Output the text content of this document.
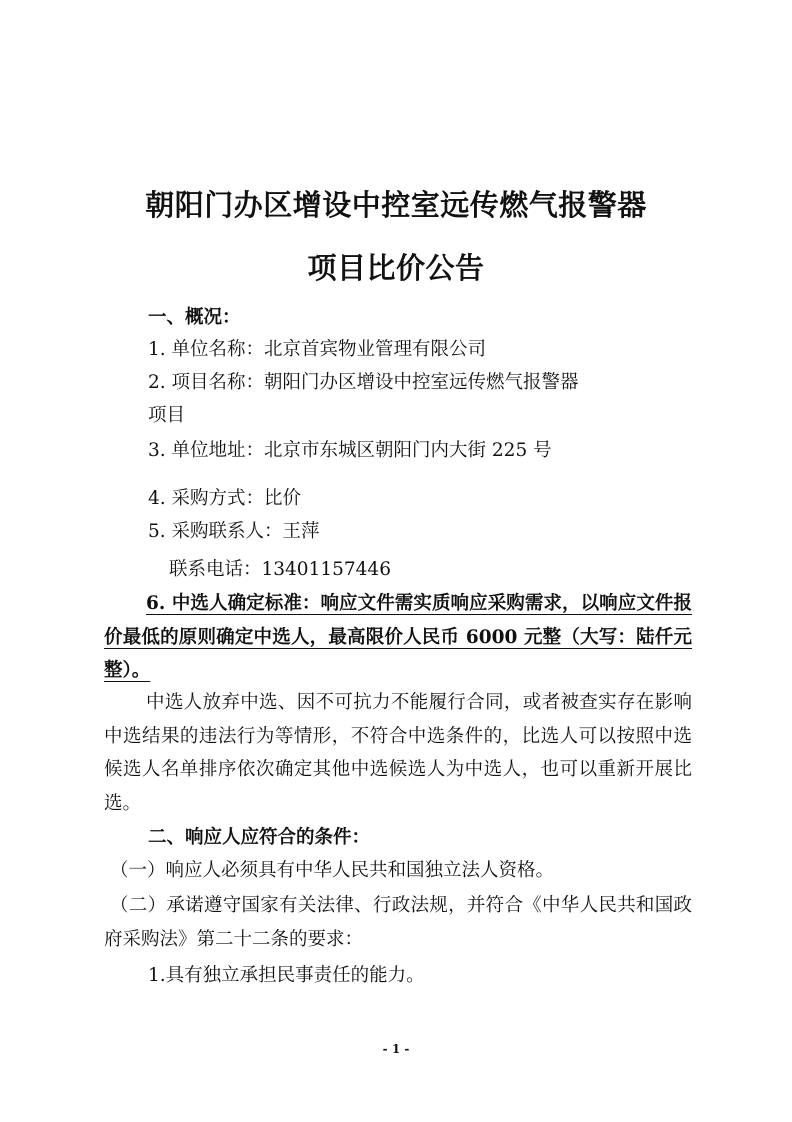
朝阳门办区增设中控室远传燃气报警器
项目比价公告
一、概况：
1. 单位名称：北京首宾物业管理有限公司
2. 项目名称：朝阳门办区增设中控室远传燃气报警器
项目
3. 单位地址：北京市东城区朝阳门内大街 225 号
4. 采购方式：比价
5. 采购联系人：王萍
联系电话：13401157446
6. 中选人确定标准：响应文件需实质响应采购需求，以响应文件报价最低的原则确定中选人，最高限价人民币 6000 元整（大写：陆仟元整）。
中选人放弃中选、因不可抗力不能履行合同，或者被查实存在影响中选结果的违法行为等情形，不符合中选条件的，比选人可以按照中选候选人名单排序依次确定其他中选候选人为中选人，也可以重新开展比选。
二、响应人应符合的条件：
（一）响应人必须具有中华人民共和国独立法人资格。
（二）承诺遵守国家有关法律、行政法规，并符合《中华人民共和国政府采购法》第二十二条的要求：
1.具有独立承担民事责任的能力。
- 1 -
